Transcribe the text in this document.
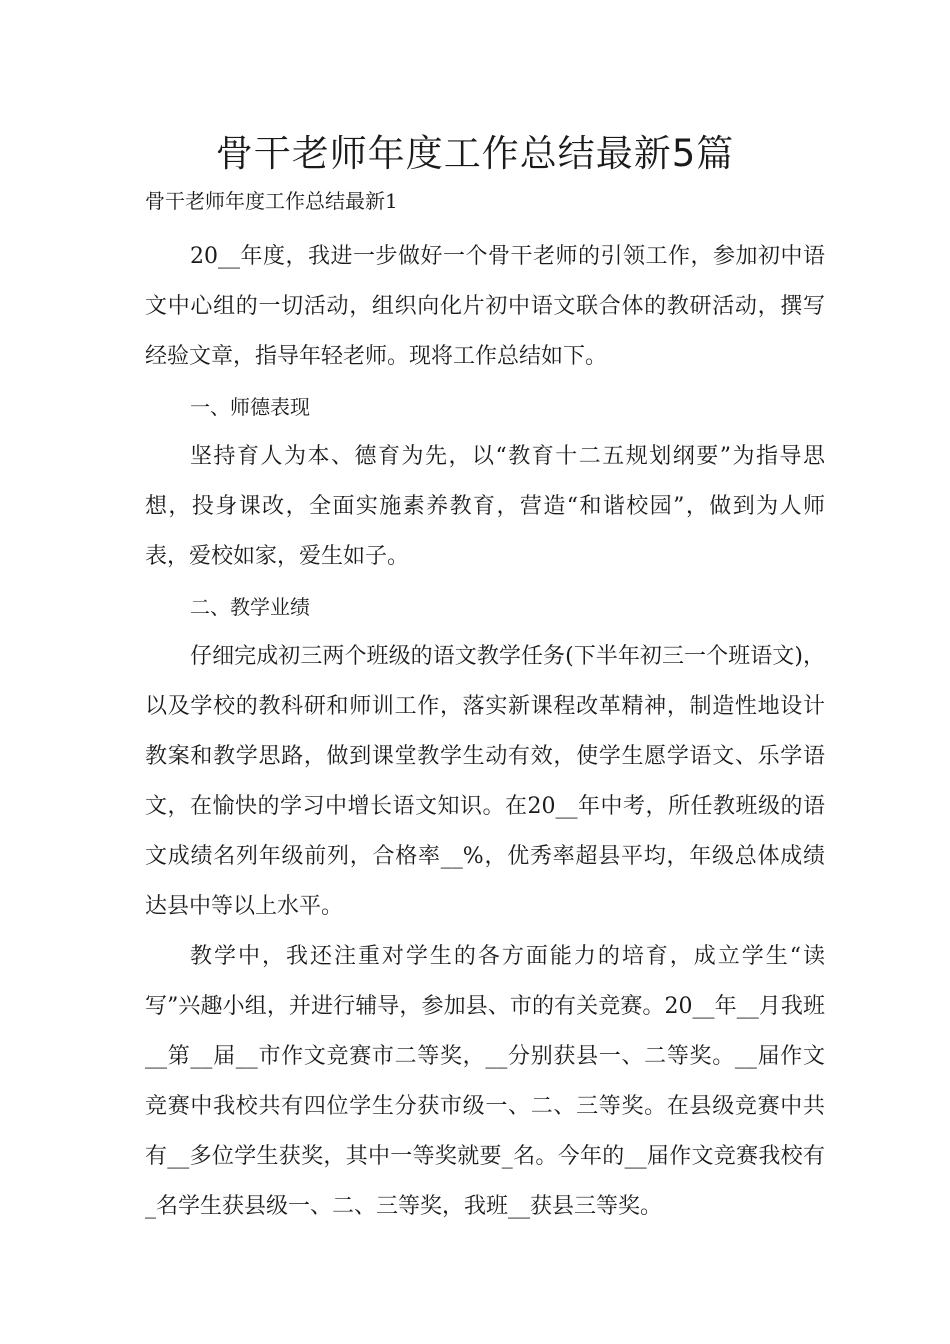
骨干老师年度工作总结最新5篇

骨干老师年度工作总结最新1

20__年度，我进一步做好一个骨干老师的引领工作，参加初中语文中心组的一切活动，组织向化片初中语文联合体的教研活动，撰写经验文章，指导年轻老师。现将工作总结如下。

一、师德表现

坚持育人为本、德育为先，以“教育十二五规划纲要”为指导思想，投身课改，全面实施素养教育，营造“和谐校园”，做到为人师表，爱校如家，爱生如子。

二、教学业绩

仔细完成初三两个班级的语文教学任务(下半年初三一个班语文)，以及学校的教科研和师训工作，落实新课程改革精神，制造性地设计教案和教学思路，做到课堂教学生动有效，使学生愿学语文、乐学语文，在愉快的学习中增长语文知识。在20__年中考，所任教班级的语文成绩名列年级前列，合格率__%，优秀率超县平均，年级总体成绩达县中等以上水平。

教学中，我还注重对学生的各方面能力的培育，成立学生“读写”兴趣小组，并进行辅导，参加县、市的有关竞赛。20__年__月我班__第__届__市作文竞赛市二等奖，__分别获县一、二等奖。__届作文竞赛中我校共有四位学生分获市级一、二、三等奖。在县级竞赛中共有__多位学生获奖，其中一等奖就要_名。今年的__届作文竞赛我校有_名学生获县级一、二、三等奖，我班__获县三等奖。
